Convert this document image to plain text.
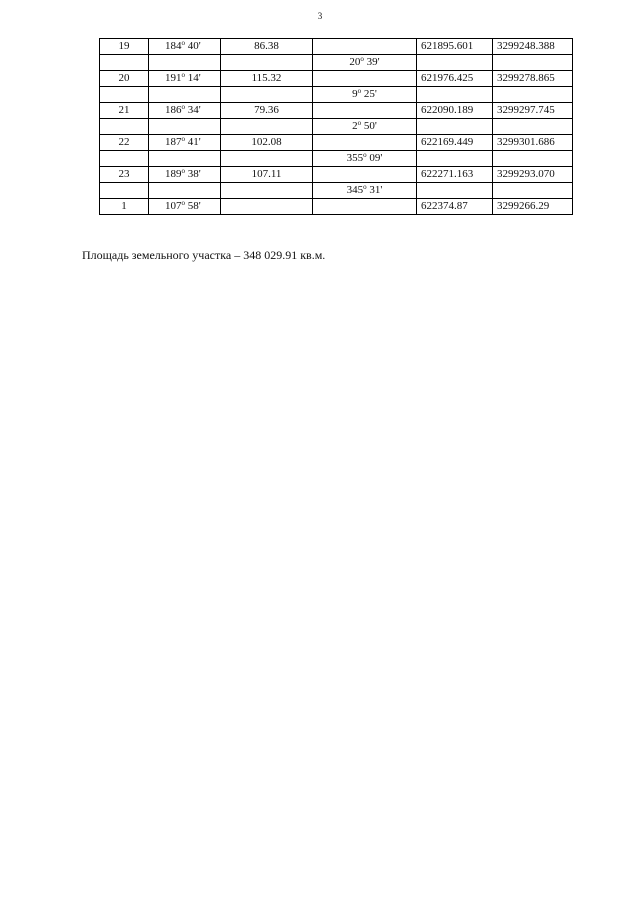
3
19	184$^o$ 40'	86.38		621895.601	3299248.388
			20$^o$ 39'		
20	191$^o$ 14'	115.32		621976.425	3299278.865
			9$^o$ 25'		
21	186$^o$ 34'	79.36		622090.189	3299297.745
			2$^o$ 50'		
22	187$^o$ 41'	102.08		622169.449	3299301.686
			355$^o$ 09'		
23	189$^o$ 38'	107.11		622271.163	3299293.070
			345$^o$ 31'		
1	107$^o$ 58'			622374.87	3299266.29
Площадь земельного участка – 348 029.91 кв.м.
